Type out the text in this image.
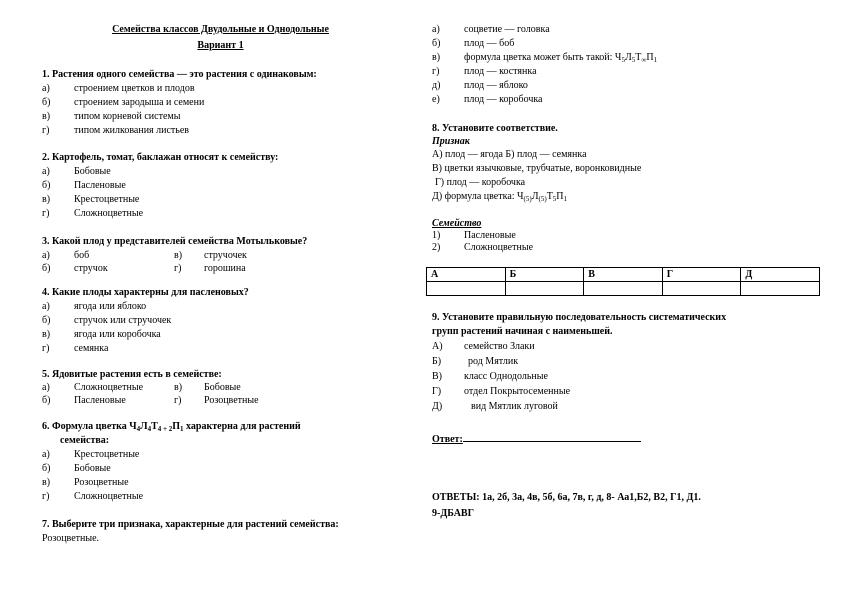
Семейства классов Двудольные и Однодольные
Вариант 1
1. Растения одного семейства — это растения с одинаковым:
а) строением цветков и плодов
б) строением зародыша и семени
в) типом корневой системы
г) типом жилкования листьев
2. Картофель, томат, баклажан относят к семейству:
а) Бобовые
б) Пасленовые
в) Крестоцветные
г) Сложноцветные
3. Какой плод у представителей семейства Мотыльковые?
а) боб	в) стручочек
б) стручок	г) горошина
4. Какие плоды характерны для пасленовых?
а) ягода или яблоко
б) стручок или стручочек
в) ягода или коробочка
г) семянка
5. Ядовитые растения есть в семействе:
а) Сложноцветные	в) Бобовые
б) Пасленовые	г) Розоцветные
6. Формула цветка $Ч_4Л_4Т_{4 + 2}П_1$ характерна для растений
семейства:
а) Крестоцветные
б) Бобовые
в) Розоцветные
г) Сложноцветные
7. Выберите три признака, характерные для растений семейства:
Розоцветные.
а) соцветие — головка
б) плод — боб
в) формула цветка может быть такой: $Ч_5Л_5Т_\infty П_1$
г) плод — костянка
д) плод — яблоко
е) плод — коробочка
8. Установите соответствие.
Признак
А) плод — ягода Б) плод — семянка
В) цветки язычковые, трубчатые, воронковидные
Г) плод — коробочка
Д) формула цветка: $Ч_{(5)}Л_{(5)}Т_5П_1$
Семейство
1) Пасленовые
2) Сложноцветные
А	Б	В	Г	Д

9. Установите правильную последовательность систематических
групп растений начиная с наименьшей.
А) семейство Злаки
Б)	род Мятлик
В) класс Однодольные
Г) отдел Покрытосеменные
Д)	вид Мятлик луговой
Ответ:
ОТВЕТЫ: 1а, 2б, 3а, 4в, 5б, 6а, 7в, г, д, 8- Аа1,Б2, В2, Г1, Д1.
9-ДБАВГ
